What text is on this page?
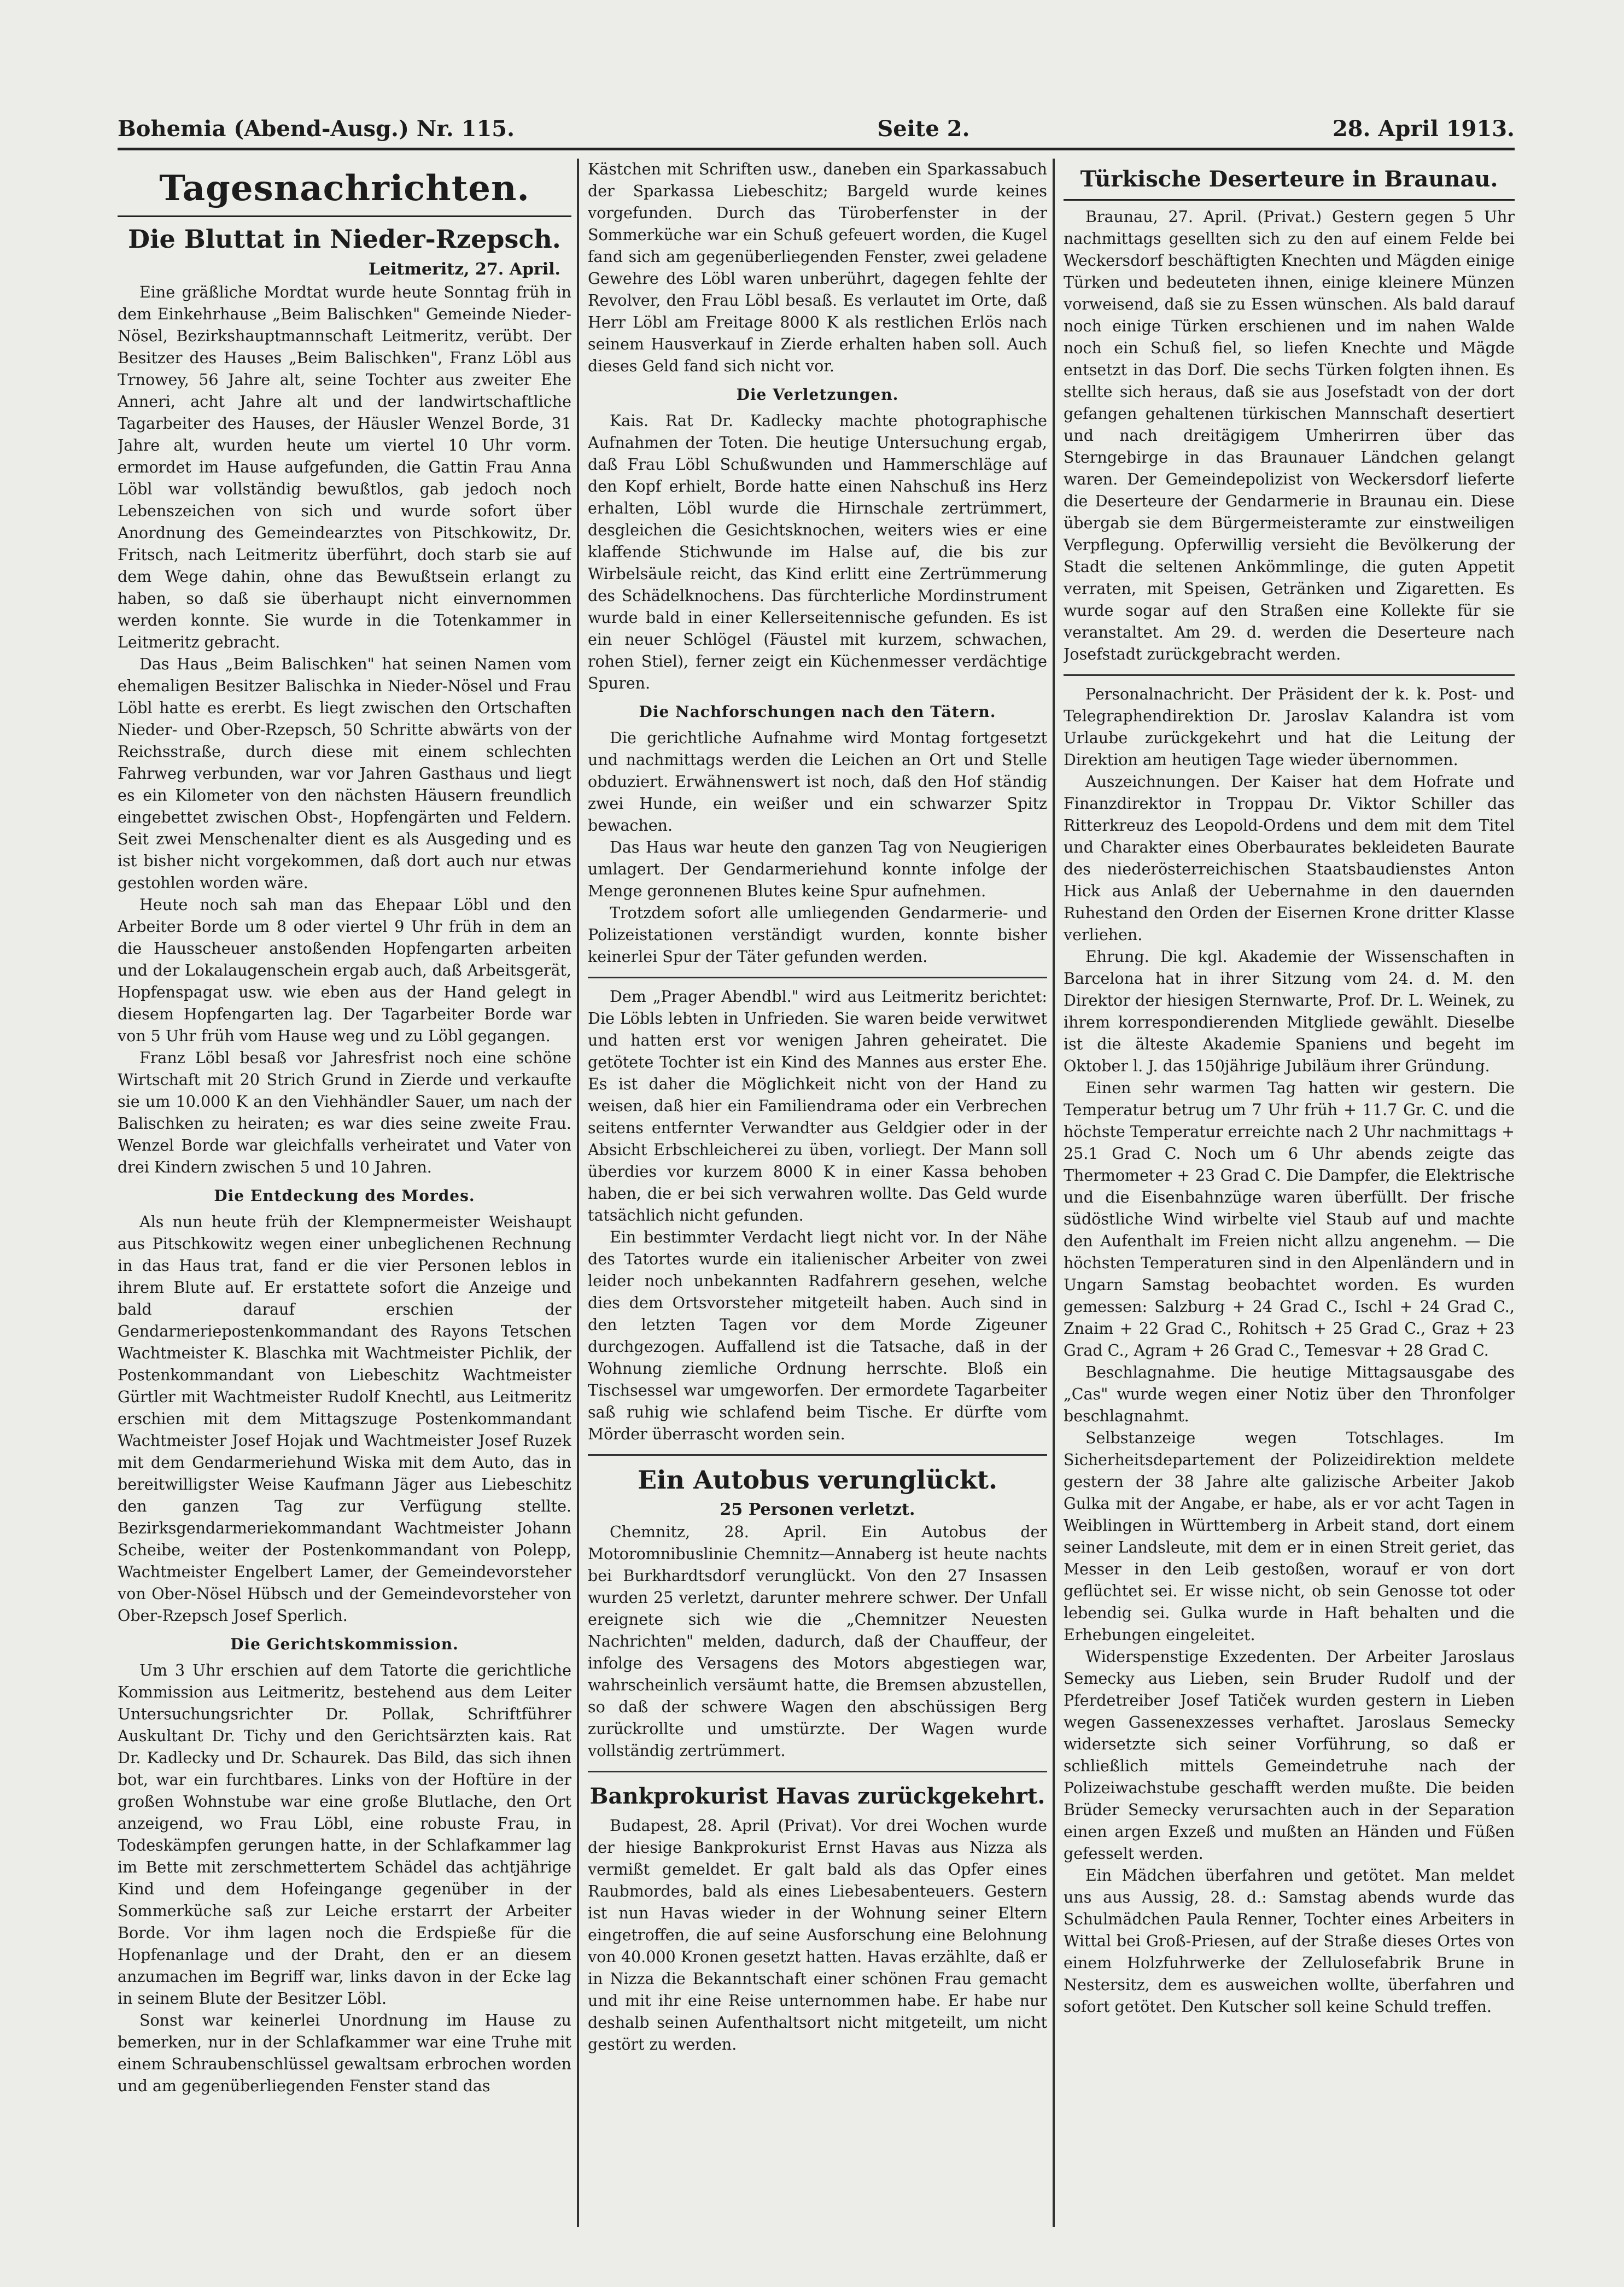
Bohemia (Abend-Ausg.) Nr. 115.	Seite 2.	28. April 1913.
Tagesnachrichten.
Die Bluttat in Nieder-Rzepsch.
Leitmeritz, 27. April.

Eine gräßliche Mordtat wurde heute Sonntag früh in dem Einkehrhause „Beim Balischken" Gemeinde Nieder-Nösel, Bezirkshauptmannschaft Leitmeritz, verübt. Der Besitzer des Hauses „Beim Balischken", Franz Löbl aus Trnowey, 56 Jahre alt, seine Tochter aus zweiter Ehe Anneri, acht Jahre alt und der landwirtschaftliche Tagarbeiter des Hauses, der Häusler Wenzel Borde, 31 Jahre alt, wurden heute um viertel 10 Uhr vorm. ermordet im Hause aufgefunden, die Gattin Frau Anna Löbl war vollständig bewußtlos, gab jedoch noch Lebenszeichen von sich und wurde sofort über Anordnung des Gemeindearztes von Pitschkowitz, Dr. Fritsch, nach Leitmeritz überführt, doch starb sie auf dem Wege dahin, ohne das Bewußtsein erlangt zu haben, so daß sie überhaupt nicht einvernommen werden konnte. Sie wurde in die Totenkammer in Leitmeritz gebracht.

Das Haus „Beim Balischken" hat seinen Namen vom ehemaligen Besitzer Balischka in Nieder-Nösel und Frau Löbl hatte es ererbt. Es liegt zwischen den Ortschaften Nieder- und Ober-Rzepsch, 50 Schritte abwärts von der Reichsstraße, durch diese mit einem schlechten Fahrweg verbunden, war vor Jahren Gasthaus und liegt es ein Kilometer von den nächsten Häusern freundlich eingebettet zwischen Obst-, Hopfengärten und Feldern. Seit zwei Menschenalter dient es als Ausgeding und es ist bisher nicht vorgekommen, daß dort auch nur etwas gestohlen worden wäre.

Heute noch sah man das Ehepaar Löbl und den Arbeiter Borde um 8 oder viertel 9 Uhr früh in dem an die Hausscheuer anstoßenden Hopfengarten arbeiten und der Lokalaugenschein ergab auch, daß Arbeitsgerät, Hopfenspagat usw. wie eben aus der Hand gelegt in diesem Hopfengarten lag. Der Tagarbeiter Borde war von 5 Uhr früh vom Hause weg und zu Löbl gegangen.

Franz Löbl besaß vor Jahresfrist noch eine schöne Wirtschaft mit 20 Strich Grund in Zierde und verkaufte sie um 10.000 K an den Viehhändler Sauer, um nach der Balischken zu heiraten; es war dies seine zweite Frau. Wenzel Borde war gleichfalls verheiratet und Vater von drei Kindern zwischen 5 und 10 Jahren.

Die Entdeckung des Mordes.

Als nun heute früh der Klempnermeister Weishaupt aus Pitschkowitz wegen einer unbeglichenen Rechnung in das Haus trat, fand er die vier Personen leblos in ihrem Blute auf. Er erstattete sofort die Anzeige und bald darauf erschien der Gendarmeriepostenkommandant des Rayons Tetschen Wachtmeister K. Blaschka mit Wachtmeister Pichlik, der Postenkommandant von Liebeschitz Wachtmeister Gürtler mit Wachtmeister Rudolf Knechtl, aus Leitmeritz erschien mit dem Mittagszuge Postenkommandant Wachtmeister Josef Hojak und Wachtmeister Josef Ruzek mit dem Gendarmeriehund Wiska mit dem Auto, das in bereitwilligster Weise Kaufmann Jäger aus Liebeschitz den ganzen Tag zur Verfügung stellte. Bezirksgendarmeriekommandant Wachtmeister Johann Scheibe, weiter der Postenkommandant von Polepp, Wachtmeister Engelbert Lamer, der Gemeindevorsteher von Ober-Nösel Hübsch und der Gemeindevorsteher von Ober-Rzepsch Josef Sperlich.

Die Gerichtskommission.

Um 3 Uhr erschien auf dem Tatorte die gerichtliche Kommission aus Leitmeritz, bestehend aus dem Leiter Untersuchungsrichter Dr. Pollak, Schriftführer Auskultant Dr. Tichy und den Gerichtsärzten kais. Rat Dr. Kadlecky und Dr. Schaurek. Das Bild, das sich ihnen bot, war ein furchtbares. Links von der Hoftüre in der großen Wohnstube war eine große Blutlache, den Ort anzeigend, wo Frau Löbl, eine robuste Frau, in Todeskämpfen gerungen hatte, in der Schlafkammer lag im Bette mit zerschmettertem Schädel das achtjährige Kind und dem Hofeingange gegenüber in der Sommerküche saß zur Leiche erstarrt der Arbeiter Borde. Vor ihm lagen noch die Erdspieße für die Hopfenanlage und der Draht, den er an diesem anzumachen im Begriff war, links davon in der Ecke lag in seinem Blute der Besitzer Löbl.

Sonst war keinerlei Unordnung im Hause zu bemerken, nur in der Schlafkammer war eine Truhe mit einem Schraubenschlüssel gewaltsam erbrochen worden und am gegenüberliegenden Fenster stand das

Kästchen mit Schriften usw., daneben ein Sparkassabuch der Sparkassa Liebeschitz; Bargeld wurde keines vorgefunden. Durch das Türoberfenster in der Sommerküche war ein Schuß gefeuert worden, die Kugel fand sich am gegenüberliegenden Fenster, zwei geladene Gewehre des Löbl waren unberührt, dagegen fehlte der Revolver, den Frau Löbl besaß. Es verlautet im Orte, daß Herr Löbl am Freitage 8000 K als restlichen Erlös nach seinem Hausverkauf in Zierde erhalten haben soll. Auch dieses Geld fand sich nicht vor.

Die Verletzungen.

Kais. Rat Dr. Kadlecky machte photographische Aufnahmen der Toten. Die heutige Untersuchung ergab, daß Frau Löbl Schußwunden und Hammerschläge auf den Kopf erhielt, Borde hatte einen Nahschuß ins Herz erhalten, Löbl wurde die Hirnschale zertrümmert, desgleichen die Gesichtsknochen, weiters wies er eine klaffende Stichwunde im Halse auf, die bis zur Wirbelsäule reicht, das Kind erlitt eine Zertrümmerung des Schädelknochens. Das fürchterliche Mordinstrument wurde bald in einer Kellerseitennische gefunden. Es ist ein neuer Schlögel (Fäustel mit kurzem, schwachen, rohen Stiel), ferner zeigt ein Küchenmesser verdächtige Spuren.

Die Nachforschungen nach den Tätern.

Die gerichtliche Aufnahme wird Montag fortgesetzt und nachmittags werden die Leichen an Ort und Stelle obduziert. Erwähnenswert ist noch, daß den Hof ständig zwei Hunde, ein weißer und ein schwarzer Spitz bewachen.

Das Haus war heute den ganzen Tag von Neugierigen umlagert. Der Gendarmeriehund konnte infolge der Menge geronnenen Blutes keine Spur aufnehmen.

Trotzdem sofort alle umliegenden Gendarmerie- und Polizeistationen verständigt wurden, konnte bisher keinerlei Spur der Täter gefunden werden.

Dem „Prager Abendbl." wird aus Leitmeritz berichtet: Die Löbls lebten in Unfrieden. Sie waren beide verwitwet und hatten erst vor wenigen Jahren geheiratet. Die getötete Tochter ist ein Kind des Mannes aus erster Ehe. Es ist daher die Möglichkeit nicht von der Hand zu weisen, daß hier ein Familiendrama oder ein Verbrechen seitens entfernter Verwandter aus Geldgier oder in der Absicht Erbschleicherei zu üben, vorliegt. Der Mann soll überdies vor kurzem 8000 K in einer Kassa behoben haben, die er bei sich verwahren wollte. Das Geld wurde tatsächlich nicht gefunden.

Ein bestimmter Verdacht liegt nicht vor. In der Nähe des Tatortes wurde ein italienischer Arbeiter von zwei leider noch unbekannten Radfahrern gesehen, welche dies dem Ortsvorsteher mitgeteilt haben. Auch sind in den letzten Tagen vor dem Morde Zigeuner durchgezogen. Auffallend ist die Tatsache, daß in der Wohnung ziemliche Ordnung herrschte. Bloß ein Tischsessel war umgeworfen. Der ermordete Tagarbeiter saß ruhig wie schlafend beim Tische. Er dürfte vom Mörder überrascht worden sein.

Ein Autobus verunglückt.
25 Personen verletzt.

Chemnitz, 28. April. Ein Autobus der Motoromnibuslinie Chemnitz—Annaberg ist heute nachts bei Burkhardtsdorf verunglückt. Von den 27 Insassen wurden 25 verletzt, darunter mehrere schwer. Der Unfall ereignete sich wie die „Chemnitzer Neuesten Nachrichten" melden, dadurch, daß der Chauffeur, der infolge des Versagens des Motors abgestiegen war, wahrscheinlich versäumt hatte, die Bremsen abzustellen, so daß der schwere Wagen den abschüssigen Berg zurückrollte und umstürzte. Der Wagen wurde vollständig zertrümmert.

Bankprokurist Havas zurückgekehrt.

Budapest, 28. April (Privat). Vor drei Wochen wurde der hiesige Bankprokurist Ernst Havas aus Nizza als vermißt gemeldet. Er galt bald als das Opfer eines Raubmordes, bald als eines Liebesabenteuers. Gestern ist nun Havas wieder in der Wohnung seiner Eltern eingetroffen, die auf seine Ausforschung eine Belohnung von 40.000 Kronen gesetzt hatten. Havas erzählte, daß er in Nizza die Bekanntschaft einer schönen Frau gemacht und mit ihr eine Reise unternommen habe. Er habe nur deshalb seinen Aufenthaltsort nicht mitgeteilt, um nicht gestört zu werden.

Türkische Deserteure in Braunau.

Braunau, 27. April. (Privat.) Gestern gegen 5 Uhr nachmittags gesellten sich zu den auf einem Felde bei Weckersdorf beschäftigten Knechten und Mägden einige Türken und bedeuteten ihnen, einige kleinere Münzen vorweisend, daß sie zu Essen wünschen. Als bald darauf noch einige Türken erschienen und im nahen Walde noch ein Schuß fiel, so liefen Knechte und Mägde entsetzt in das Dorf. Die sechs Türken folgten ihnen. Es stellte sich heraus, daß sie aus Josefstadt von der dort gefangen gehaltenen türkischen Mannschaft desertiert und nach dreitägigem Umherirren über das Sterngebirge in das Braunauer Ländchen gelangt waren. Der Gemeindepolizist von Weckersdorf lieferte die Deserteure der Gendarmerie in Braunau ein. Diese übergab sie dem Bürgermeisteramte zur einstweiligen Verpflegung. Opferwillig versieht die Bevölkerung der Stadt die seltenen Ankömmlinge, die guten Appetit verraten, mit Speisen, Getränken und Zigaretten. Es wurde sogar auf den Straßen eine Kollekte für sie veranstaltet. Am 29. d. werden die Deserteure nach Josefstadt zurückgebracht werden.

Personalnachricht. Der Präsident der k. k. Post- und Telegraphendirektion Dr. Jaroslav Kalandra ist vom Urlaube zurückgekehrt und hat die Leitung der Direktion am heutigen Tage wieder übernommen.

Auszeichnungen. Der Kaiser hat dem Hofrate und Finanzdirektor in Troppau Dr. Viktor Schiller das Ritterkreuz des Leopold-Ordens und dem mit dem Titel und Charakter eines Oberbaurates bekleideten Baurate des niederösterreichischen Staatsbaudienstes Anton Hick aus Anlaß der Uebernahme in den dauernden Ruhestand den Orden der Eisernen Krone dritter Klasse verliehen.

Ehrung. Die kgl. Akademie der Wissenschaften in Barcelona hat in ihrer Sitzung vom 24. d. M. den Direktor der hiesigen Sternwarte, Prof. Dr. L. Weinek, zu ihrem korrespondierenden Mitgliede gewählt. Dieselbe ist die älteste Akademie Spaniens und begeht im Oktober l. J. das 150jährige Jubiläum ihrer Gründung.

Einen sehr warmen Tag hatten wir gestern. Die Temperatur betrug um 7 Uhr früh + 11.7 Gr. C. und die höchste Temperatur erreichte nach 2 Uhr nachmittags + 25.1 Grad C. Noch um 6 Uhr abends zeigte das Thermometer + 23 Grad C. Die Dampfer, die Elektrische und die Eisenbahnzüge waren überfüllt. Der frische südöstliche Wind wirbelte viel Staub auf und machte den Aufenthalt im Freien nicht allzu angenehm. — Die höchsten Temperaturen sind in den Alpenländern und in Ungarn Samstag beobachtet worden. Es wurden gemessen: Salzburg + 24 Grad C., Ischl + 24 Grad C., Znaim + 22 Grad C., Rohitsch + 25 Grad C., Graz + 23 Grad C., Agram + 26 Grad C., Temesvar + 28 Grad C.

Beschlagnahme. Die heutige Mittagsausgabe des „Cas" wurde wegen einer Notiz über den Thronfolger beschlagnahmt.

Selbstanzeige wegen Totschlages. Im Sicherheitsdepartement der Polizeidirektion meldete gestern der 38 Jahre alte galizische Arbeiter Jakob Gulka mit der Angabe, er habe, als er vor acht Tagen in Weiblingen in Württemberg in Arbeit stand, dort einem seiner Landsleute, mit dem er in einen Streit geriet, das Messer in den Leib gestoßen, worauf er von dort geflüchtet sei. Er wisse nicht, ob sein Genosse tot oder lebendig sei. Gulka wurde in Haft behalten und die Erhebungen eingeleitet.

Widerspenstige Exzedenten. Der Arbeiter Jaroslaus Semecky aus Lieben, sein Bruder Rudolf und der Pferdetreiber Josef Tatiček wurden gestern in Lieben wegen Gassenexzesses verhaftet. Jaroslaus Semecky widersetzte sich seiner Vorführung, so daß er schließlich mittels Gemeindetruhe nach der Polizeiwachstube geschafft werden mußte. Die beiden Brüder Semecky verursachten auch in der Separation einen argen Exzeß und mußten an Händen und Füßen gefesselt werden.

Ein Mädchen überfahren und getötet. Man meldet uns aus Aussig, 28. d.: Samstag abends wurde das Schulmädchen Paula Renner, Tochter eines Arbeiters in Wittal bei Groß-Priesen, auf der Straße dieses Ortes von einem Holzfuhrwerke der Zellulosefabrik Brune in Nestersitz, dem es ausweichen wollte, überfahren und sofort getötet. Den Kutscher soll keine Schuld treffen.
